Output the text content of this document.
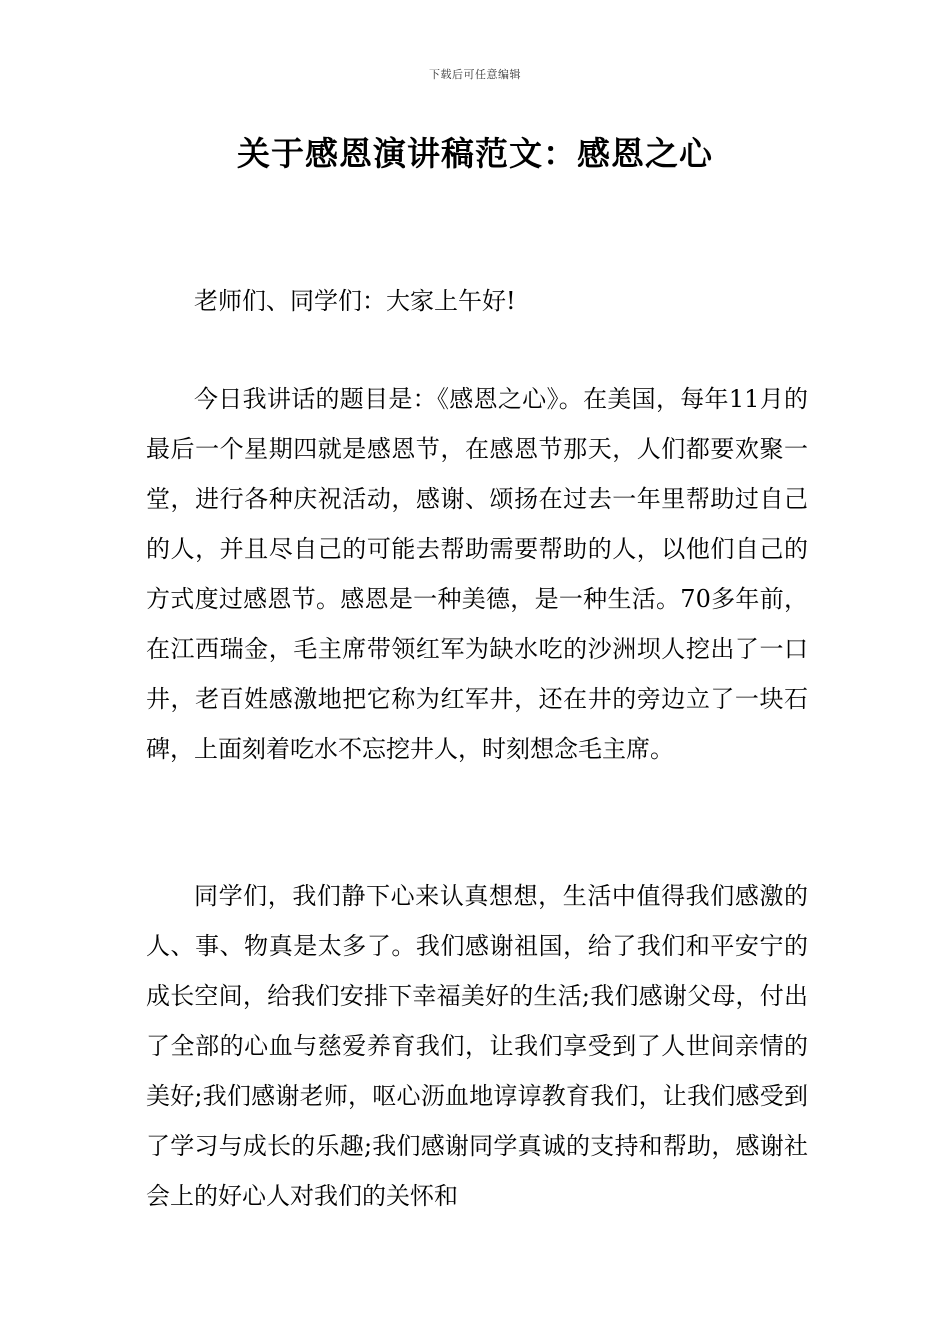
下载后可任意编辑
关于感恩演讲稿范文：感恩之心

老师们、同学们：大家上午好!

今日我讲话的题目是：《感恩之心》。在美国，每年11月的最后一个星期四就是感恩节，在感恩节那天，人们都要欢聚一堂，进行各种庆祝活动，感谢、颂扬在过去一年里帮助过自己的人，并且尽自己的可能去帮助需要帮助的人，以他们自己的方式度过感恩节。感恩是一种美德，是一种生活。70多年前，在江西瑞金，毛主席带领红军为缺水吃的沙洲坝人挖出了一口井，老百姓感激地把它称为红军井，还在井的旁边立了一块石碑，上面刻着吃水不忘挖井人，时刻想念毛主席。

同学们，我们静下心来认真想想，生活中值得我们感激的人、事、物真是太多了。我们感谢祖国，给了我们和平安宁的成长空间，给我们安排下幸福美好的生活;我们感谢父母，付出了全部的心血与慈爱养育我们，让我们享受到了人世间亲情的美好;我们感谢老师，呕心沥血地谆谆教育我们，让我们感受到了学习与成长的乐趣;我们感谢同学真诚的支持和帮助，感谢社会上的好心人对我们的关怀和
